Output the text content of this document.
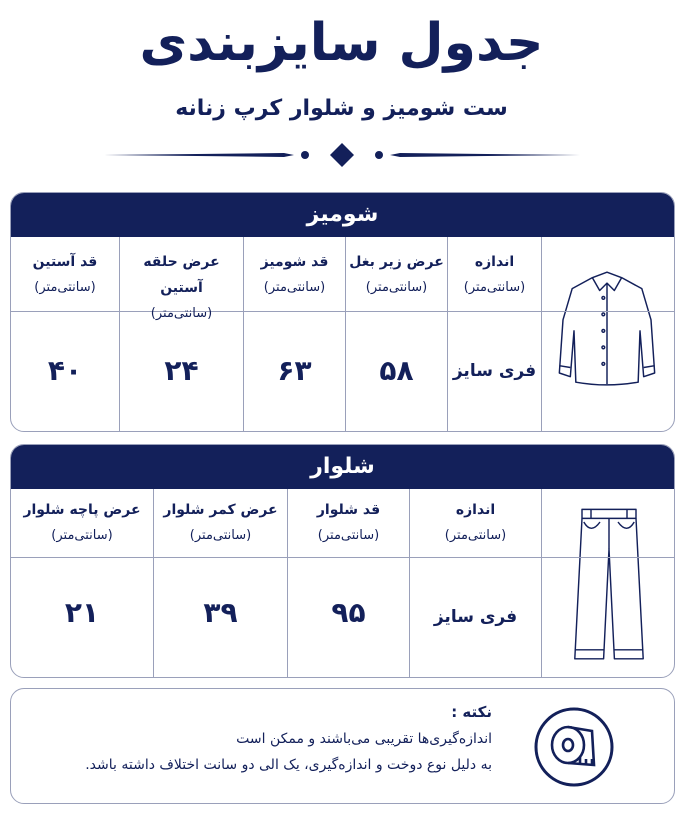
جدول سایزبندی
ست شومیز و شلوار کرپ زنانه
شومیز
اندازه
(سانتی‌متر)
عرض زیر بغل
(سانتی‌متر)
قد شومیز
(سانتی‌متر)
عرض حلقه آستین
(سانتی‌متر)
قد آستین
(سانتی‌متر)
فری سایز
۵۸
۶۳
۲۴
۴۰
شلوار
اندازه
(سانتی‌متر)
قد شلوار
(سانتی‌متر)
عرض کمر شلوار
(سانتی‌متر)
عرض پاچه شلوار
(سانتی‌متر)
فری سایز
۹۵
۳۹
۲۱
نکته :
اندازه‌گیری‌ها تقریبی می‌باشند و ممکن است
به دلیل نوع دوخت و اندازه‌گیری، یک الی دو سانت اختلاف داشته باشد.
